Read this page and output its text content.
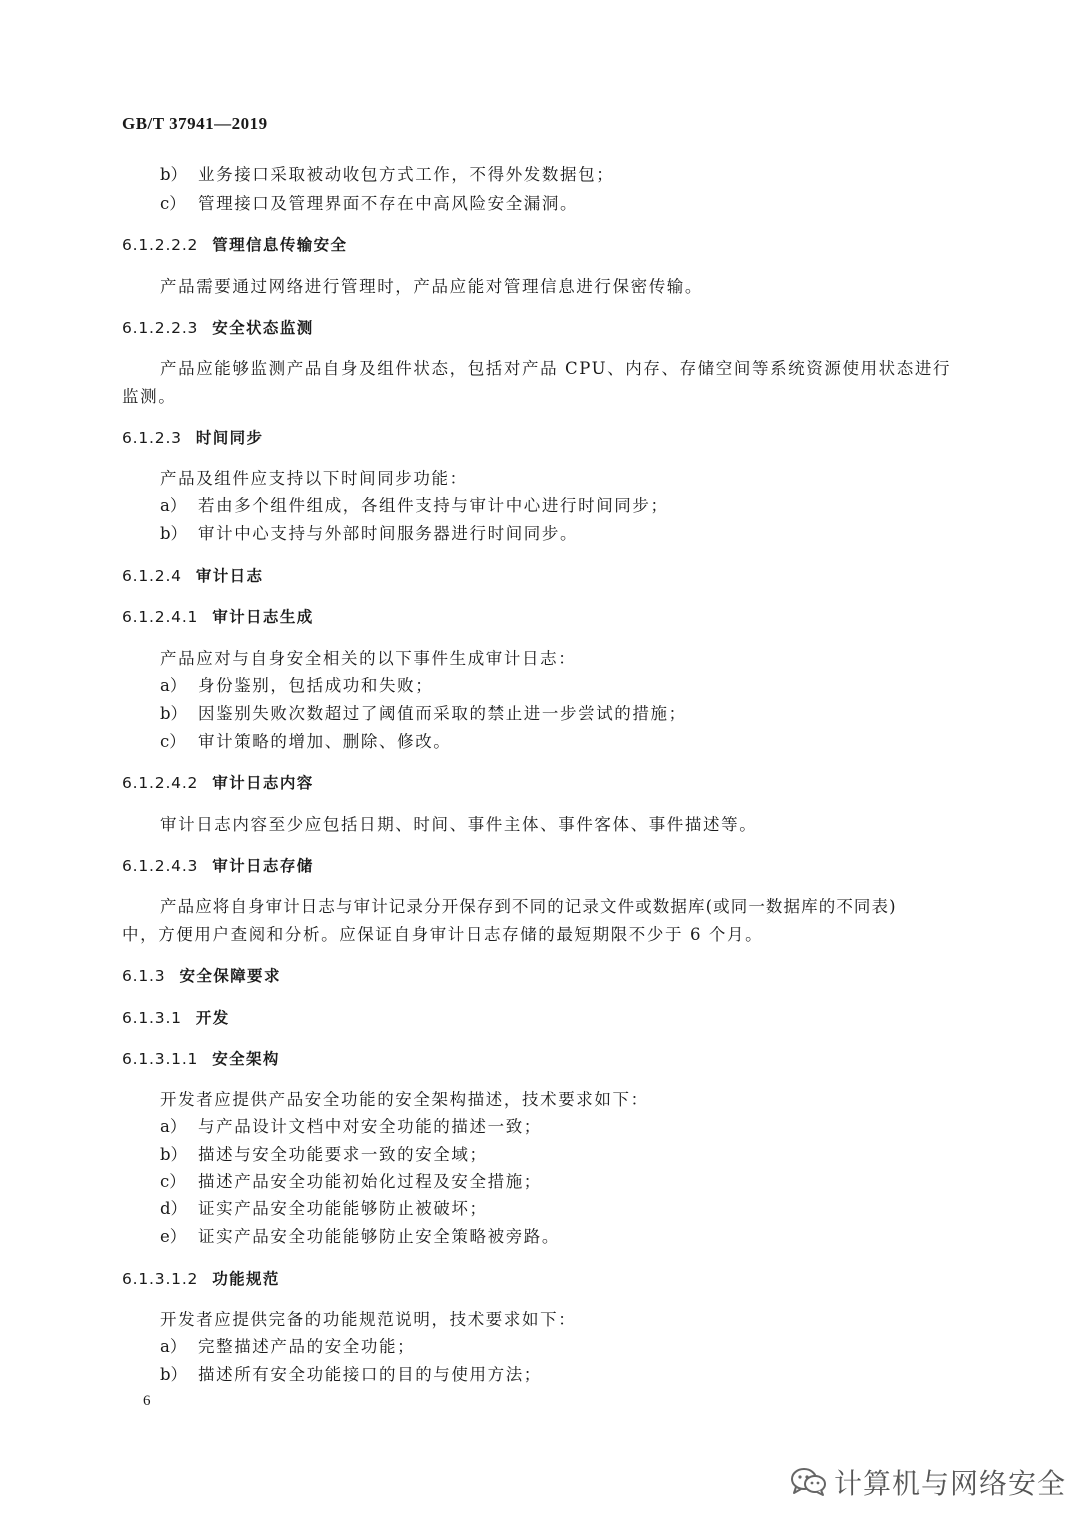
GB/T 37941—2019
b） 业务接口采取被动收包方式工作，不得外发数据包；
c） 管理接口及管理界面不存在中高风险安全漏洞。
6.1.2.2.2 管理信息传输安全
产品需要通过网络进行管理时，产品应能对管理信息进行保密传输。
6.1.2.2.3 安全状态监测
产品应能够监测产品自身及组件状态，包括对产品 CPU、内存、存储空间等系统资源使用状态进行
监测。
6.1.2.3 时间同步
产品及组件应支持以下时间同步功能：
a） 若由多个组件组成，各组件支持与审计中心进行时间同步；
b） 审计中心支持与外部时间服务器进行时间同步。
6.1.2.4 审计日志
6.1.2.4.1 审计日志生成
产品应对与自身安全相关的以下事件生成审计日志：
a） 身份鉴别，包括成功和失败；
b） 因鉴别失败次数超过了阈值而采取的禁止进一步尝试的措施；
c） 审计策略的增加、删除、修改。
6.1.2.4.2 审计日志内容
审计日志内容至少应包括日期、时间、事件主体、事件客体、事件描述等。
6.1.2.4.3 审计日志存储
产品应将自身审计日志与审计记录分开保存到不同的记录文件或数据库(或同一数据库的不同表)
中，方便用户查阅和分析。应保证自身审计日志存储的最短期限不少于 6 个月。
6.1.3 安全保障要求
6.1.3.1 开发
6.1.3.1.1 安全架构
开发者应提供产品安全功能的安全架构描述，技术要求如下：
a） 与产品设计文档中对安全功能的描述一致；
b） 描述与安全功能要求一致的安全域；
c） 描述产品安全功能初始化过程及安全措施；
d） 证实产品安全功能能够防止被破坏；
e） 证实产品安全功能能够防止安全策略被旁路。
6.1.3.1.2 功能规范
开发者应提供完备的功能规范说明，技术要求如下：
a） 完整描述产品的安全功能；
b） 描述所有安全功能接口的目的与使用方法；
6
计算机与网络安全
